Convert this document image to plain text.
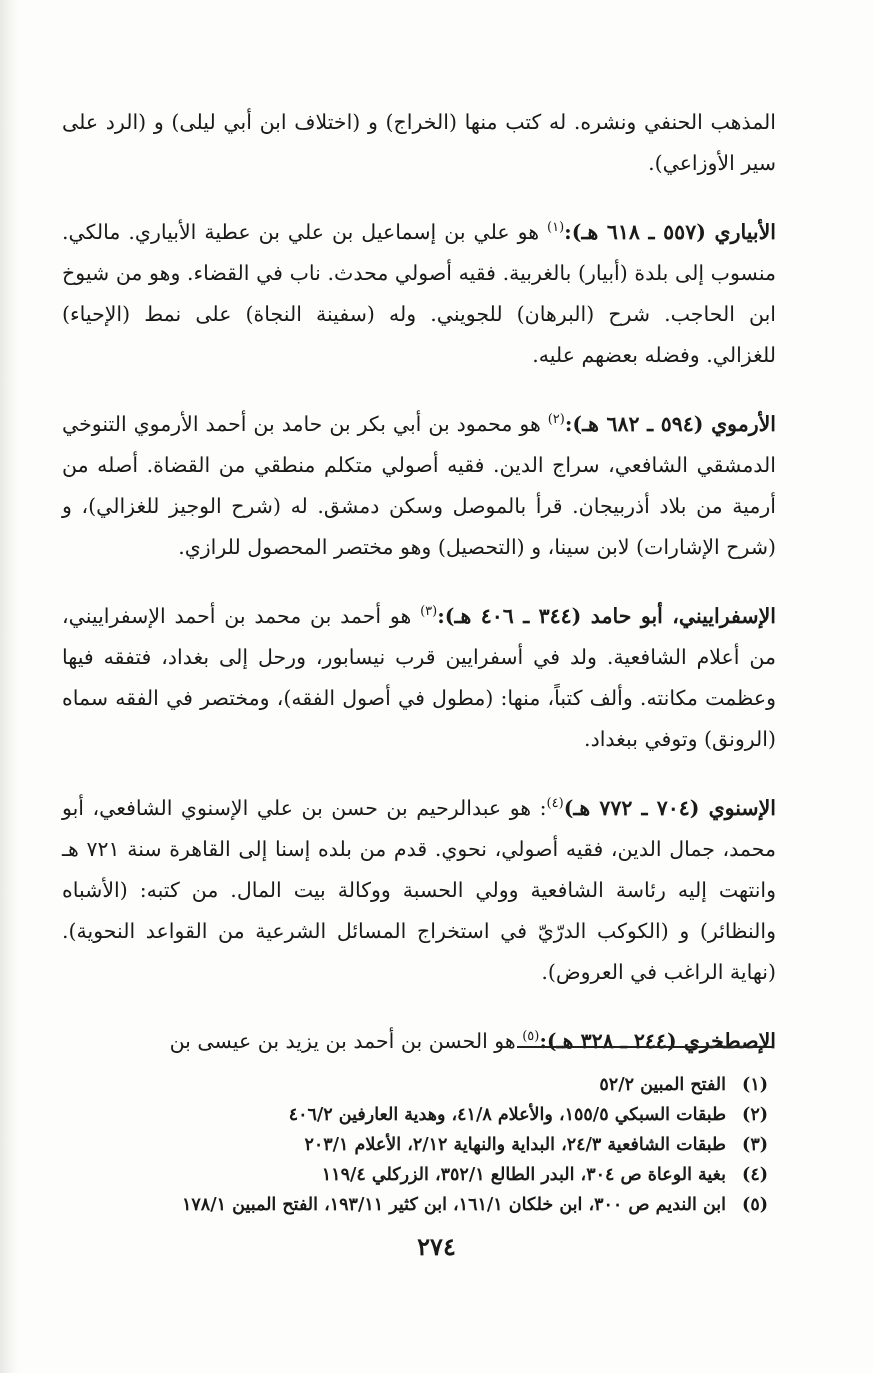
المذهب الحنفي ونشره. له كتب منها (الخراج) و (اختلاف ابن أبي ليلى) و (الرد على سير الأوزاعي).

الأبياري (٥٥٧ ـ ٦١٨ هـ):$^{(١)}$ هو علي بن إسماعيل بن علي بن عطية الأبياري. مالكي. منسوب إلى بلدة (أبيار) بالغربية. فقيه أصولي محدث. ناب في القضاء. وهو من شيوخ ابن الحاجب. شرح (البرهان) للجويني. وله (سفينة النجاة) على نمط (الإحياء) للغزالي. وفضله بعضهم عليه.

الأرموي (٥٩٤ ـ ٦٨٢ هـ):$^{(٢)}$ هو محمود بن أبي بكر بن حامد بن أحمد الأرموي التنوخي الدمشقي الشافعي، سراج الدين. فقيه أصولي متكلم منطقي من القضاة. أصله من أرمية من بلاد أذربيجان. قرأ بالموصل وسكن دمشق. له (شرح الوجيز للغزالي)، و (شرح الإشارات) لابن سينا، و (التحصيل) وهو مختصر المحصول للرازي.

الإسفراييني، أبو حامد (٣٤٤ ـ ٤٠٦ هـ):$^{(٣)}$ هو أحمد بن محمد بن أحمد الإسفراييني، من أعلام الشافعية. ولد في أسفرايين قرب نيسابور، ورحل إلى بغداد، فتفقه فيها وعظمت مكانته. وألف كتباً، منها: (مطول في أصول الفقه)، ومختصر في الفقه سماه (الرونق) وتوفي ببغداد.

الإسنوي (٧٠٤ ـ ٧٧٢ هـ)$^{(٤)}$: هو عبدالرحيم بن حسن بن علي الإسنوي الشافعي، أبو محمد، جمال الدين، فقيه أصولي، نحوي. قدم من بلده إسنا إلى القاهرة سنة ٧٢١ هـ وانتهت إليه رئاسة الشافعية وولي الحسبة ووكالة بيت المال. من كتبه: (الأشباه والنظائر) و (الكوكب الدرّيّ في استخراج المسائل الشرعية من القواعد النحوية). (نهاية الراغب في العروض).

الإصطخري (٢٤٤ ـ ٣٢٨ هـ):$^{(٥)}$ هو الحسن بن أحمد بن يزيد بن عيسى بن

(١)
الفتح المبين ٥٢/٢
(٢)
طبقات السبكي ١٥٥/٥، والأعلام ٤١/٨، وهدية العارفين ٤٠٦/٢
(٣)
طبقات الشافعية ٢٤/٣، البداية والنهاية ٢/١٢، الأعلام ٢٠٣/١
(٤)
بغية الوعاة ص ٣٠٤، البدر الطالع ٣٥٢/١، الزركلي ١١٩/٤
(٥)
ابن النديم ص ٣٠٠، ابن خلكان ١٦١/١، ابن كثير ١٩٣/١١، الفتح المبين ١٧٨/١
٢٧٤
